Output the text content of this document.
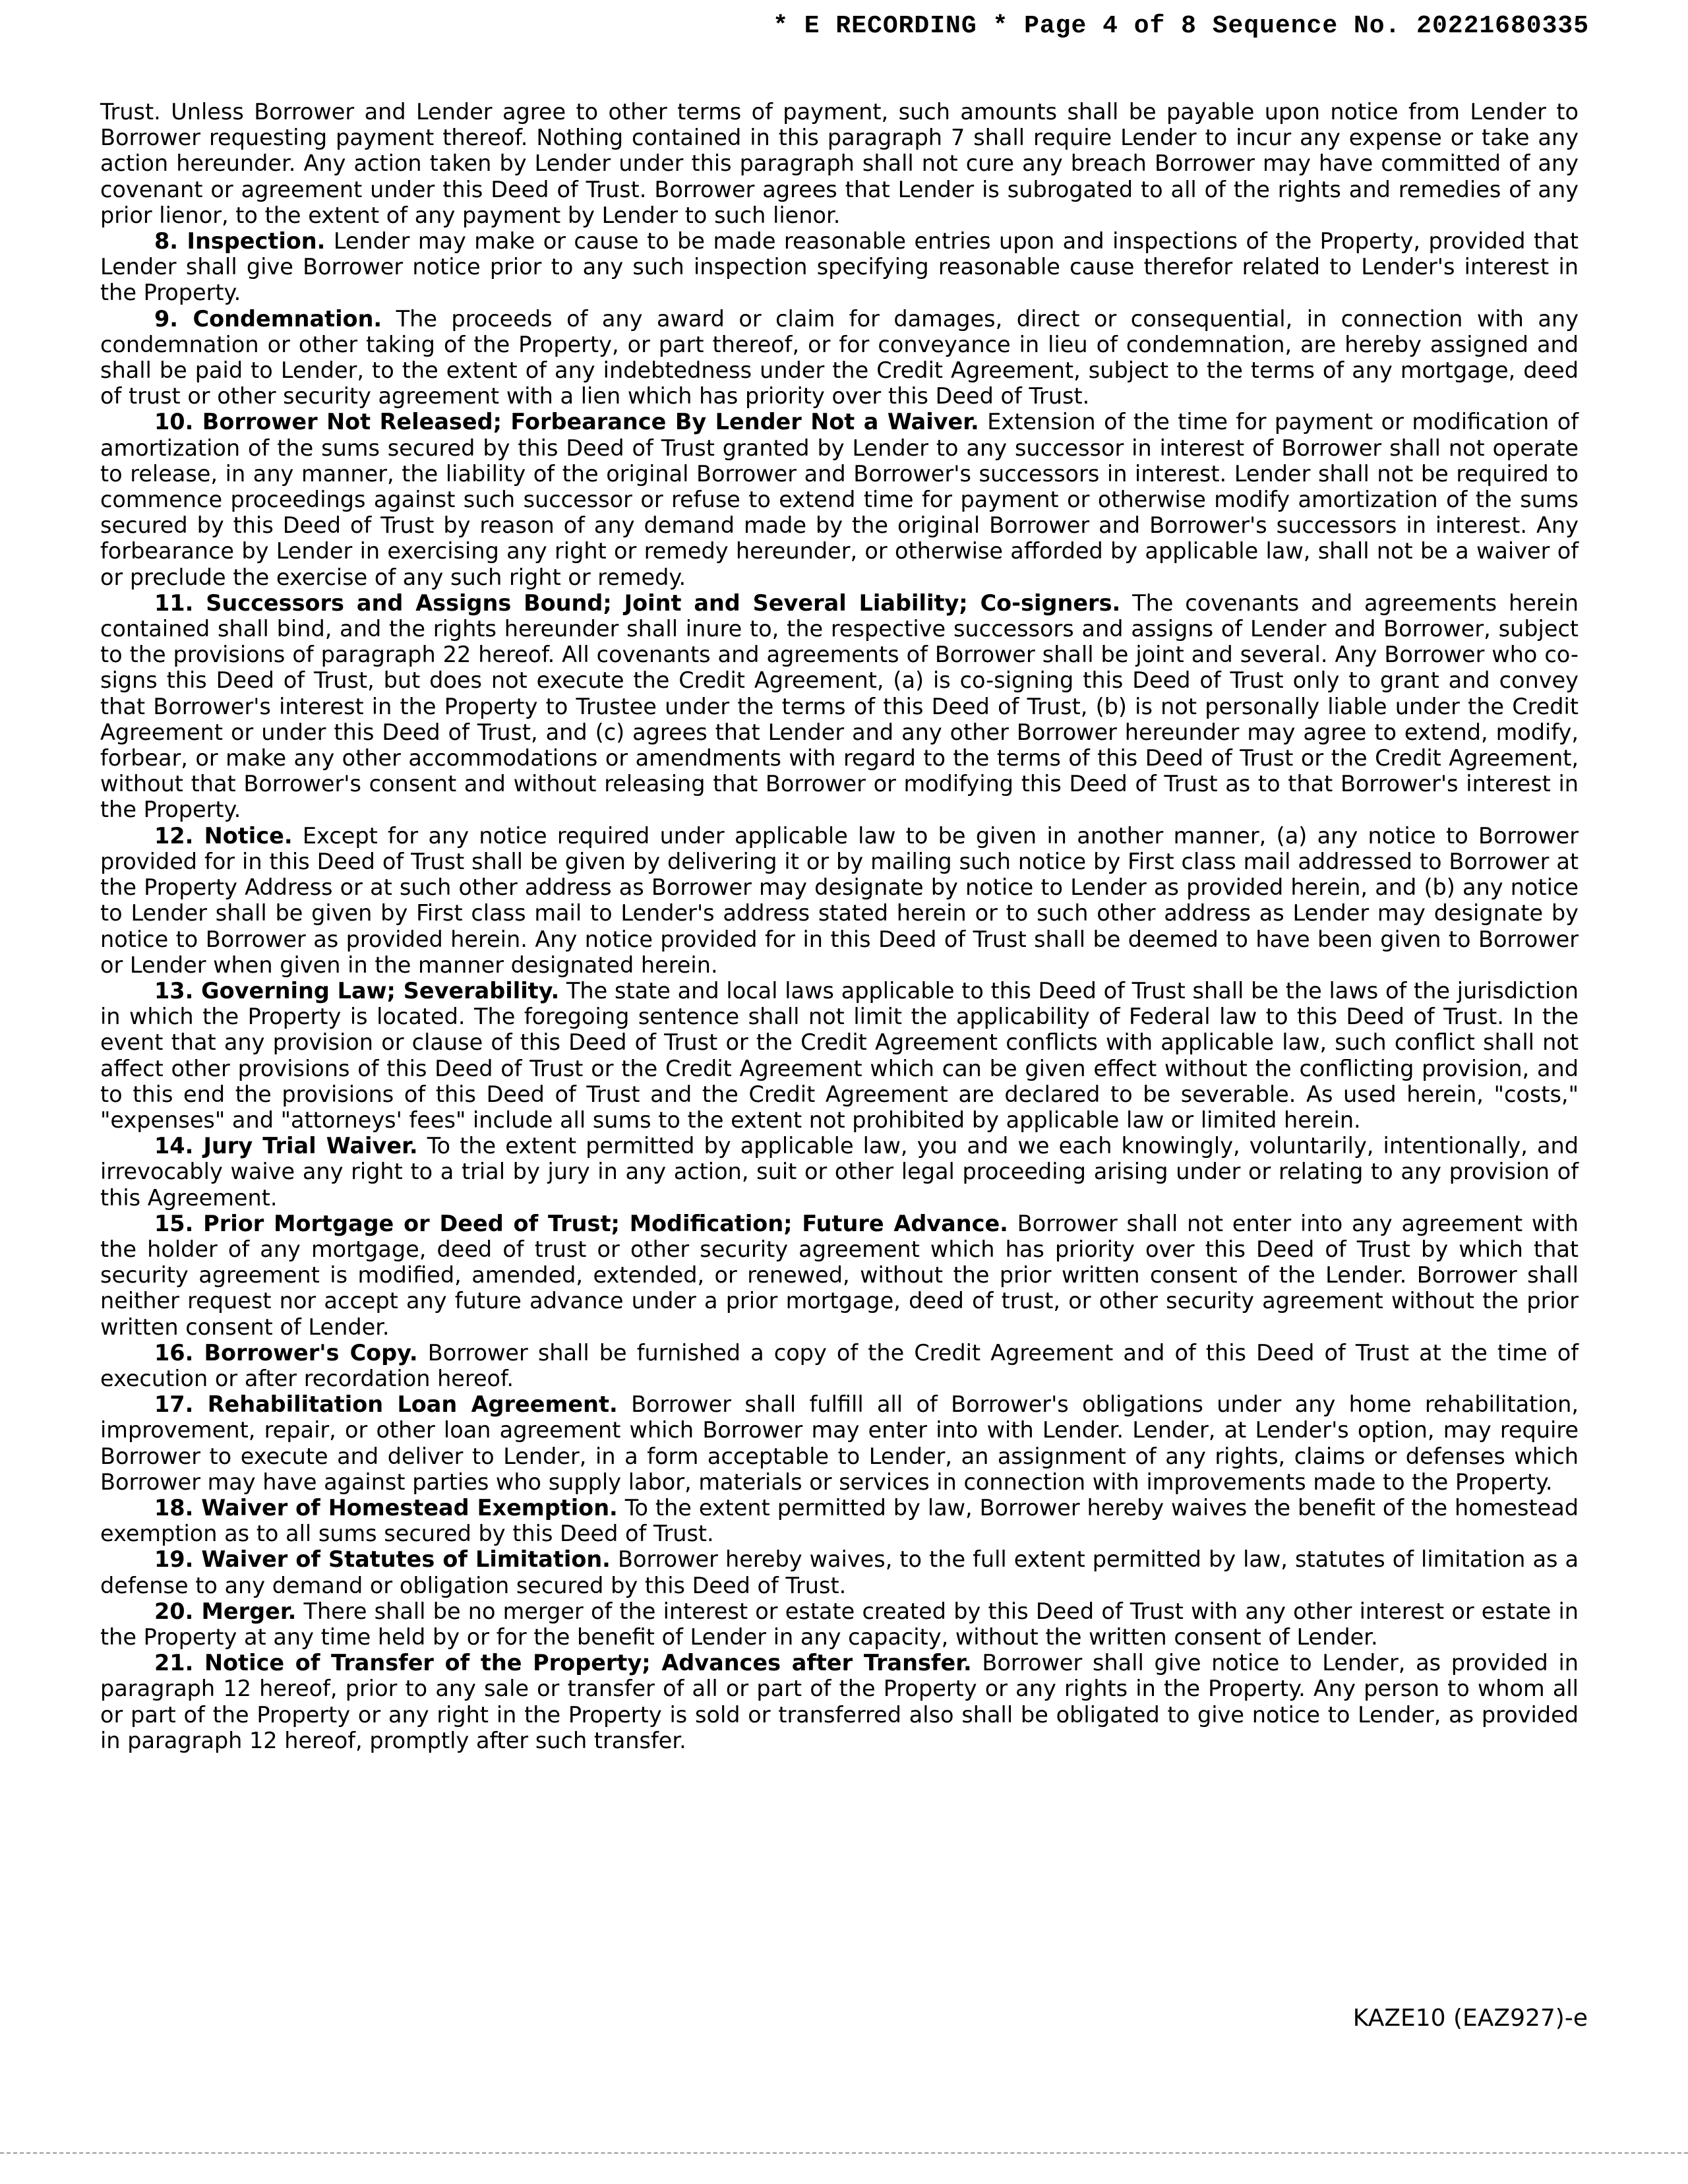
* E RECORDING * Page 4 of 8 Sequence No. 20221680335

Trust. Unless Borrower and Lender agree to other terms of payment, such amounts shall be payable upon notice from Lender to Borrower requesting payment thereof. Nothing contained in this paragraph 7 shall require Lender to incur any expense or take any action hereunder. Any action taken by Lender under this paragraph shall not cure any breach Borrower may have committed of any covenant or agreement under this Deed of Trust. Borrower agrees that Lender is subrogated to all of the rights and remedies of any prior lienor, to the extent of any payment by Lender to such lienor.

8. Inspection. Lender may make or cause to be made reasonable entries upon and inspections of the Property, provided that Lender shall give Borrower notice prior to any such inspection specifying reasonable cause therefor related to Lender's interest in the Property.

9. Condemnation. The proceeds of any award or claim for damages, direct or consequential, in connection with any condemnation or other taking of the Property, or part thereof, or for conveyance in lieu of condemnation, are hereby assigned and shall be paid to Lender, to the extent of any indebtedness under the Credit Agreement, subject to the terms of any mortgage, deed of trust or other security agreement with a lien which has priority over this Deed of Trust.

10. Borrower Not Released; Forbearance By Lender Not a Waiver. Extension of the time for payment or modification of amortization of the sums secured by this Deed of Trust granted by Lender to any successor in interest of Borrower shall not operate to release, in any manner, the liability of the original Borrower and Borrower's successors in interest. Lender shall not be required to commence proceedings against such successor or refuse to extend time for payment or otherwise modify amortization of the sums secured by this Deed of Trust by reason of any demand made by the original Borrower and Borrower's successors in interest. Any forbearance by Lender in exercising any right or remedy hereunder, or otherwise afforded by applicable law, shall not be a waiver of or preclude the exercise of any such right or remedy.

11. Successors and Assigns Bound; Joint and Several Liability; Co-signers. The covenants and agreements herein contained shall bind, and the rights hereunder shall inure to, the respective successors and assigns of Lender and Borrower, subject to the provisions of paragraph 22 hereof. All covenants and agreements of Borrower shall be joint and several. Any Borrower who co-signs this Deed of Trust, but does not execute the Credit Agreement, (a) is co-signing this Deed of Trust only to grant and convey that Borrower's interest in the Property to Trustee under the terms of this Deed of Trust, (b) is not personally liable under the Credit Agreement or under this Deed of Trust, and (c) agrees that Lender and any other Borrower hereunder may agree to extend, modify, forbear, or make any other accommodations or amendments with regard to the terms of this Deed of Trust or the Credit Agreement, without that Borrower's consent and without releasing that Borrower or modifying this Deed of Trust as to that Borrower's interest in the Property.

12. Notice. Except for any notice required under applicable law to be given in another manner, (a) any notice to Borrower provided for in this Deed of Trust shall be given by delivering it or by mailing such notice by First class mail addressed to Borrower at the Property Address or at such other address as Borrower may designate by notice to Lender as provided herein, and (b) any notice to Lender shall be given by First class mail to Lender's address stated herein or to such other address as Lender may designate by notice to Borrower as provided herein. Any notice provided for in this Deed of Trust shall be deemed to have been given to Borrower or Lender when given in the manner designated herein.

13. Governing Law; Severability. The state and local laws applicable to this Deed of Trust shall be the laws of the jurisdiction in which the Property is located. The foregoing sentence shall not limit the applicability of Federal law to this Deed of Trust. In the event that any provision or clause of this Deed of Trust or the Credit Agreement conflicts with applicable law, such conflict shall not affect other provisions of this Deed of Trust or the Credit Agreement which can be given effect without the conflicting provision, and to this end the provisions of this Deed of Trust and the Credit Agreement are declared to be severable. As used herein, "costs," "expenses" and "attorneys' fees" include all sums to the extent not prohibited by applicable law or limited herein.

14. Jury Trial Waiver. To the extent permitted by applicable law, you and we each knowingly, voluntarily, intentionally, and irrevocably waive any right to a trial by jury in any action, suit or other legal proceeding arising under or relating to any provision of this Agreement.

15. Prior Mortgage or Deed of Trust; Modification; Future Advance. Borrower shall not enter into any agreement with the holder of any mortgage, deed of trust or other security agreement which has priority over this Deed of Trust by which that security agreement is modified, amended, extended, or renewed, without the prior written consent of the Lender. Borrower shall neither request nor accept any future advance under a prior mortgage, deed of trust, or other security agreement without the prior written consent of Lender.

16. Borrower's Copy. Borrower shall be furnished a copy of the Credit Agreement and of this Deed of Trust at the time of execution or after recordation hereof.

17. Rehabilitation Loan Agreement. Borrower shall fulfill all of Borrower's obligations under any home rehabilitation, improvement, repair, or other loan agreement which Borrower may enter into with Lender. Lender, at Lender's option, may require Borrower to execute and deliver to Lender, in a form acceptable to Lender, an assignment of any rights, claims or defenses which Borrower may have against parties who supply labor, materials or services in connection with improvements made to the Property.

18. Waiver of Homestead Exemption. To the extent permitted by law, Borrower hereby waives the benefit of the homestead exemption as to all sums secured by this Deed of Trust.

19. Waiver of Statutes of Limitation. Borrower hereby waives, to the full extent permitted by law, statutes of limitation as a defense to any demand or obligation secured by this Deed of Trust.

20. Merger. There shall be no merger of the interest or estate created by this Deed of Trust with any other interest or estate in the Property at any time held by or for the benefit of Lender in any capacity, without the written consent of Lender.

21. Notice of Transfer of the Property; Advances after Transfer. Borrower shall give notice to Lender, as provided in paragraph 12 hereof, prior to any sale or transfer of all or part of the Property or any rights in the Property. Any person to whom all or part of the Property or any right in the Property is sold or transferred also shall be obligated to give notice to Lender, as provided in paragraph 12 hereof, promptly after such transfer.

KAZE10 (EAZ927)-e
